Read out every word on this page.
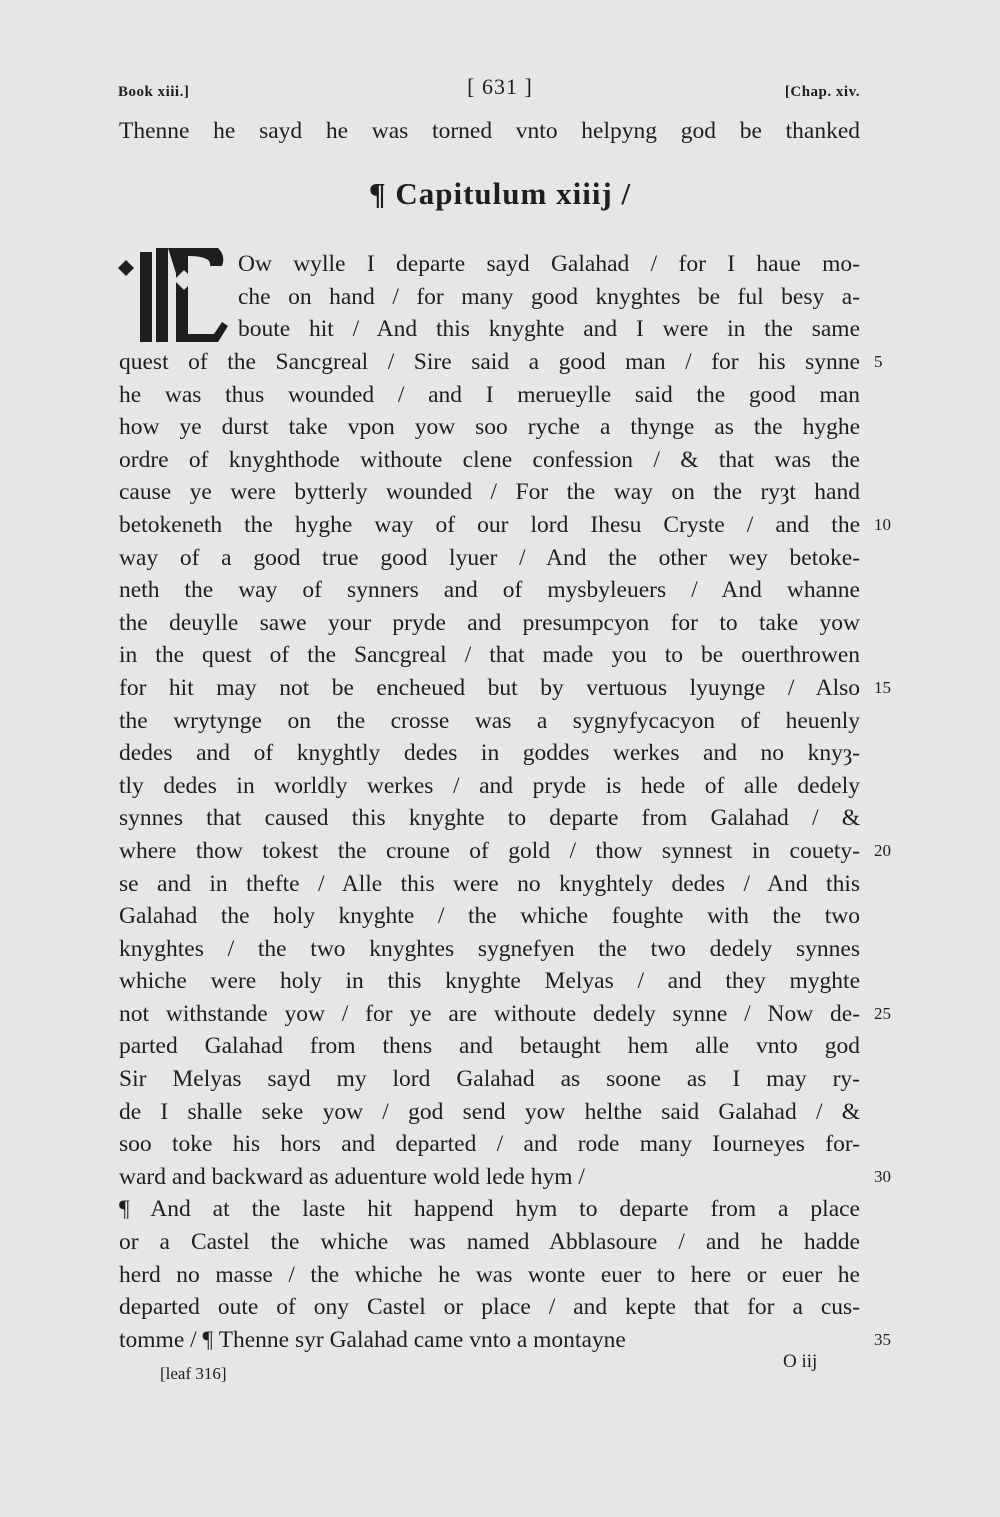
Book xiii.]	[ 631 ]	[Chap. xiv.
Thenne he sayd he was torned vnto helpyng god be thanked
¶ Capitulum xiiij /
N
Ow wylle I departe sayd Galahad / for I haue mo-
che on hand / for many good knyghtes be ful besy a-
boute hit / And this knyghte and I were in the same
quest of the Sancgreal / Sire said a good man / for his synne
he was thus wounded / and I merueylle said the good man
how ye durst take vpon yow soo ryche a thynge as the hyghe
ordre of knyghthode withoute clene confession / & that was the
cause ye were bytterly wounded / For the way on the ryȝt hand
betokeneth the hyghe way of our lord Ihesu Cryste / and the
way of a good true good lyuer / And the other wey betoke-
neth the way of synners and of mysbyleuers / And whanne
the deuylle sawe your pryde and presumpcyon for to take yow
in the quest of the Sancgreal / that made you to be ouerthrowen
for hit may not be encheued but by vertuous lyuynge / Also
the wrytynge on the crosse was a sygnyfycacyon of heuenly
dedes and of knyghtly dedes in goddes werkes and no knyȝ-
tly dedes in worldly werkes / and pryde is hede of alle dedely
synnes that caused this knyghte to departe from Galahad / &
where thow tokest the croune of gold / thow synnest in couety-
se and in thefte / Alle this were no knyghtely dedes / And this
Galahad the holy knyghte / the whiche foughte with the two
knyghtes / the two knyghtes sygnefyen the two dedely synnes
whiche were holy in this knyghte Melyas / and they myghte
not withstande yow / for ye are withoute dedely synne / Now de-
parted Galahad from thens and betaught hem alle vnto god
Sir Melyas sayd my lord Galahad as soone as I may ry-
de I shalle seke yow / god send yow helthe said Galahad / &
soo toke his hors and departed / and rode many Iourneyes for-
ward and backward as aduenture wold lede hym /
¶ And at the laste hit happend hym to departe from a place
or a Castel the whiche was named Abblasoure / and he hadde
herd no masse / the whiche he was wonte euer to here or euer he
departed oute of ony Castel or place / and kepte that for a cus-
tomme / ¶ Thenne syr Galahad came vnto a montayne
5
10
15
20
25
30
35
[leaf 316]
O iij
